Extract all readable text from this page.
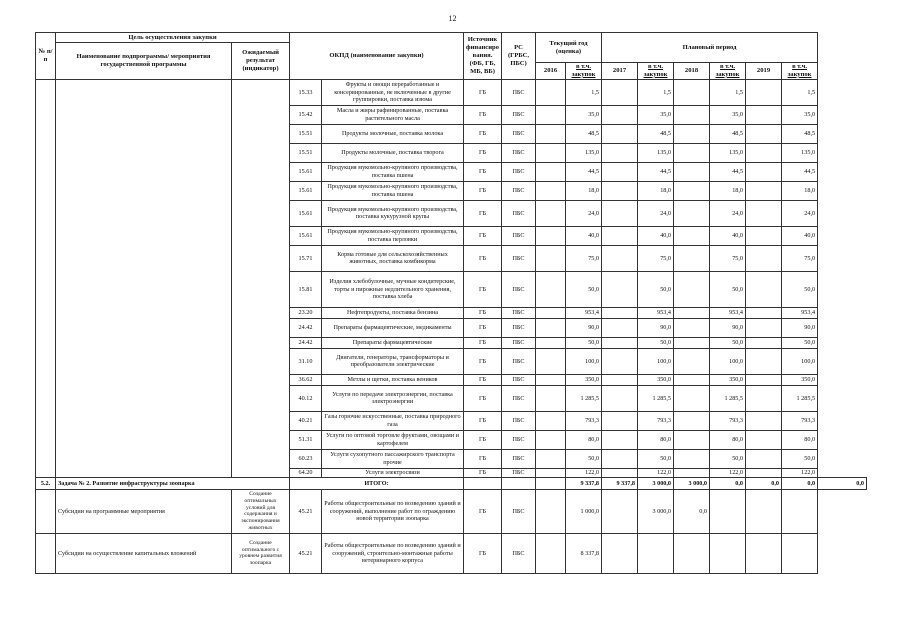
12
№ п/п	Цель осуществления закупки		ОКПД (наименование закупки)		Источник финансиро вания. (ФБ, ГБ, МБ, ВБ)	РС (ГРБС, ПБС)	Текущий год (оценка)		Плановый период						
	Наименование подпрограммы/ мероприятия государственной программы	Ожидаемый результат (индикатор)													
							2016	в т.ч. закупок	2017	в т.ч. закупок	2018	в т.ч. закупок	2019	в т.ч. закупок	
			15.33	Фрукты и овощи переработанные и консервированные, не включенные в другие группировки, поставка изюма	ГБ	ПБС		1,5		1,5		1,5		1,5	
			15.42	Масла и жиры рафинированные, поставка растительного масла	ГБ	ПБС		35,0		35,0		35,0		35,0	
			15.51	Продукты молочные, поставка молока	ГБ	ПБС		48,5		48,5		48,5		48,5	
			15.51	Продукты молочные, поставка творога	ГБ	ПБС		135,0		135,0		135,0		135,0	
			15.61	Продукция мукомольно-крупяного производства, поставка пшена	ГБ	ПБС		44,5		44,5		44,5		44,5	
			15.61	Продукция мукомольно-крупяного производства, поставка пшена	ГБ	ПБС		18,0		18,0		18,0		18,0	
			15.61	Продукция мукомольно-крупяного производства, поставка кукурузной крупы	ГБ	ПБС		24,0		24,0		24,0		24,0	
			15.61	Продукция мукомольно-крупяного производства, поставка перловки	ГБ	ПБС		40,0		40,0		40,0		40,0	
			15.71	Корма готовые для сельскохозяйственных животных, поставка комбикорма	ГБ	ПБС		75,0		75,0		75,0		75,0	
			15.81	Изделия хлебобулочные, мучные кондитерские, торты и пирожные недлительного хранения, поставка хлеба	ГБ	ПБС		50,0		50,0		50,0		50,0	
			23.20	Нефтепродукты, поставка бензина	ГБ	ПБС		953,4		953,4		953,4		953,4	
			24.42	Препараты фармацевтические, медикаменты	ГБ	ПБС		90,0		90,0		90,0		90,0	
			24.42	Препараты фармацевтические	ГБ	ПБС		50,0		50,0		50,0		50,0	
			31.10	Двигатели, генераторы, трансформаторы и преобразователи электрические	ГБ	ПБС		100,0		100,0		100,0		100,0	
			36.62	Метлы и щетки, поставка веников	ГБ	ПБС		350,0		350,0		350,0		350,0	
			40.12	Услуги по передаче электроэнергии, поставка электроэнергии	ГБ	ПБС		1 285,5		1 285,5		1 285,5		1 285,5	
			40.21	Газы горючие искусственные, поставка природного газа	ГБ	ПБС		793,3		793,3		793,3		793,3	
			51.31	Услуги по оптовой торговле фруктами, овощами и картофелем	ГБ	ПБС		80,0		80,0		80,0		80,0	
			60.23	Услуги сухопутного пассажирского транспорта прочие	ГБ	ПБС		50,0		50,0		50,0		50,0	
			64.20	Услуги электросвязи	ГБ	ПБС		122,0		122,0		122,0		122,0	
5.2.	Задача № 2. Развитие инфраструктуры зоопарка		ИТОГО:					9 337,8	9 337,8	3 000,0	3 000,0	0,0	0,0	0,0	0,0
	Субсидии на программные мероприятия	Создание оптимальных условий для содержания и экспонирования животных	45.21	Работы общестроительные по возведению зданий и сооружений, выполнение работ по ограждению новой территории зоопарка	ГБ	ПБС		1 000,0		3 000,0	0,0				
	Субсидии на осуществление капитальных вложений	Создание оптимального с уровнем развития зоопарка	45.21	Работы общестроительные по возведению зданий и сооружений, строительно-монтажные работы ветеринарного корпуса	ГБ	ПБС		8 337,8							
